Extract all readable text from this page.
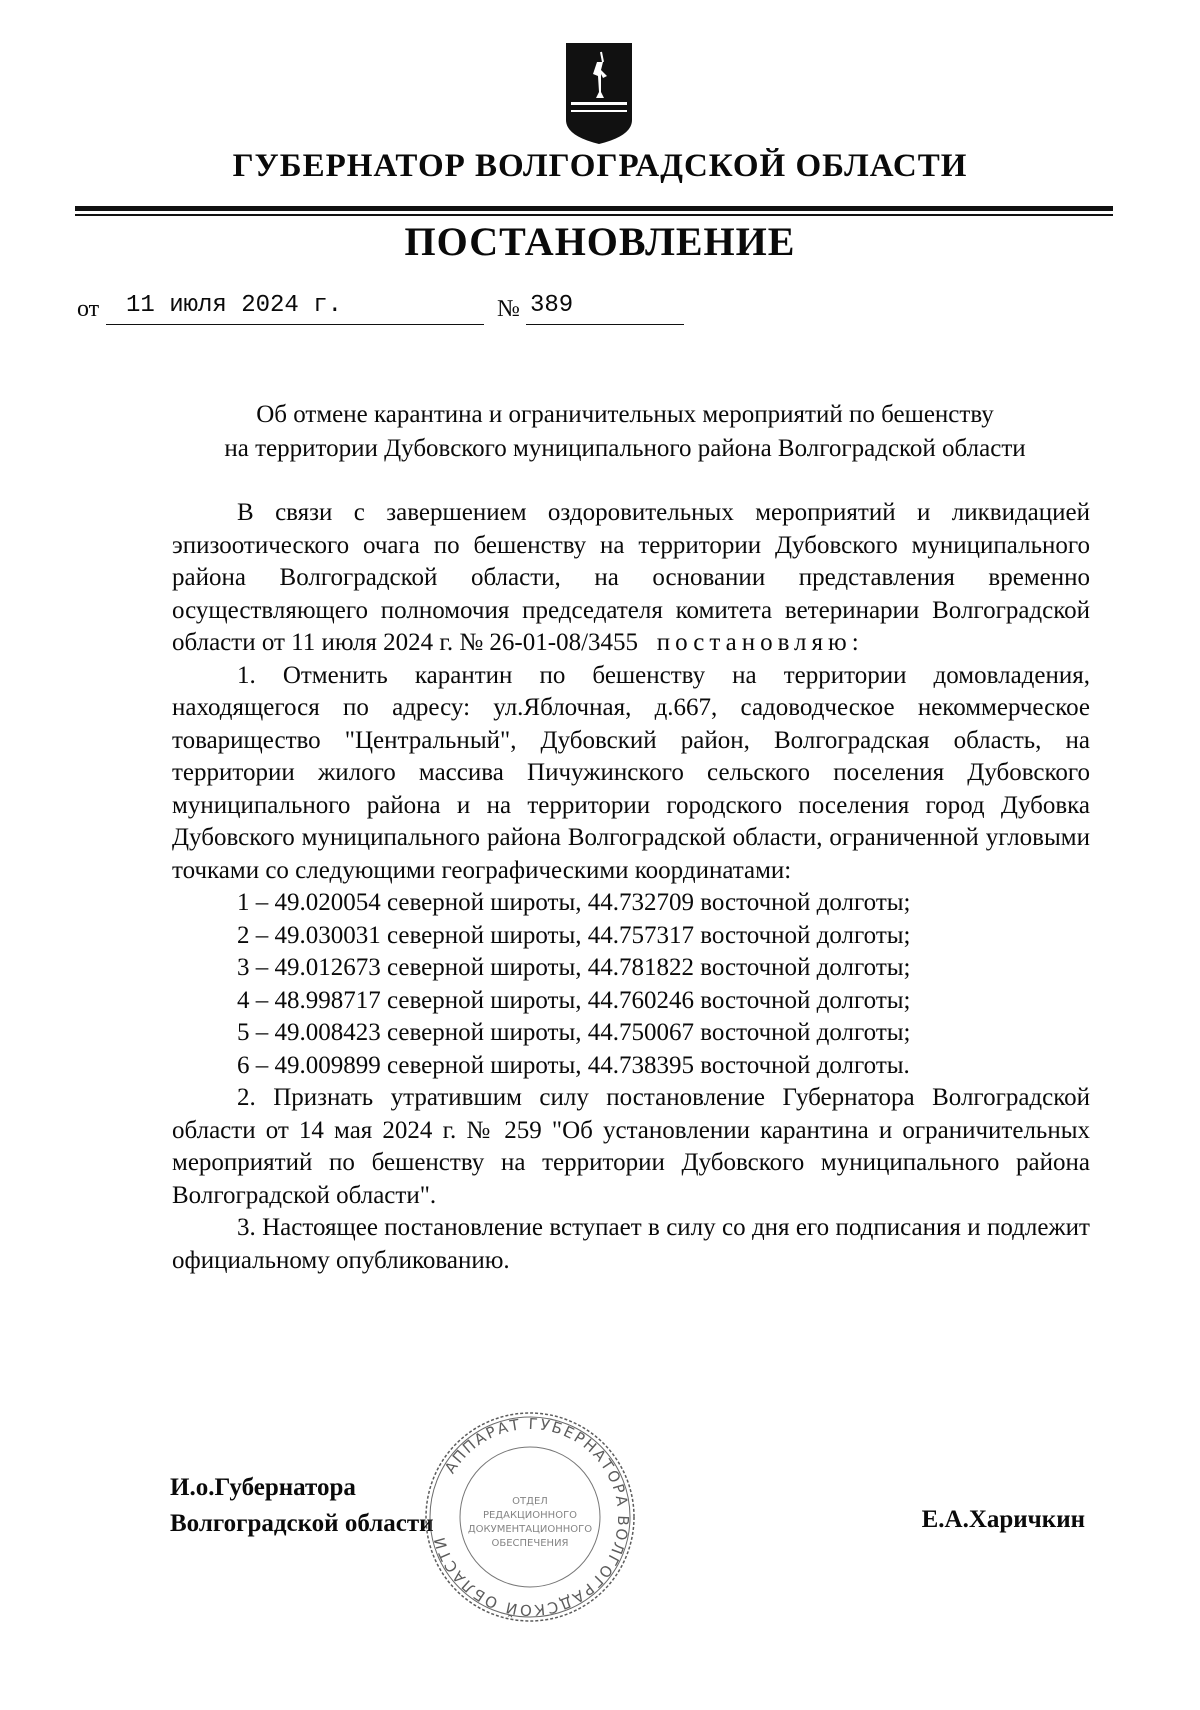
ГУБЕРНАТОР ВОЛГОГРАДСКОЙ ОБЛАСТИ
ПОСТАНОВЛЕНИЕ
от 11 июля 2024 г.	№ 389
Об отмене карантина и ограничительных мероприятий по бешенству
на территории Дубовского муниципального района Волгоградской области

В связи с завершением оздоровительных мероприятий и ликвидацией эпизоотического очага по бешенству на территории Дубовского муниципального района Волгоградской области, на основании представления временно осуществляющего полномочия председателя комитета ветеринарии Волгоградской области от 11 июля 2024 г. № 26-01-08/3455 постановляю:

1. Отменить карантин по бешенству на территории домовладения, находящегося по адресу: ул.Яблочная, д.667, садоводческое некоммерческое товарищество "Центральный", Дубовский район, Волгоградская область, на территории жилого массива Пичужинского сельского поселения Дубовского муниципального района и на территории городского поселения город Дубовка Дубовского муниципального района Волгоградской области, ограниченной угловыми точками со следующими географическими координатами:

1 – 49.020054 северной широты, 44.732709 восточной долготы;

2 – 49.030031 северной широты, 44.757317 восточной долготы;

3 – 49.012673 северной широты, 44.781822 восточной долготы;

4 – 48.998717 северной широты, 44.760246 восточной долготы;

5 – 49.008423 северной широты, 44.750067 восточной долготы;

6 – 49.009899 северной широты, 44.738395 восточной долготы.

2. Признать утратившим силу постановление Губернатора Волгоградской области от 14 мая 2024 г. № 259 "Об установлении карантина и ограничительных мероприятий по бешенству на территории Дубовского муниципального района Волгоградской области".

3. Настоящее постановление вступает в силу со дня его подписания и подлежит официальному опубликованию.

И.о.Губернатора
Волгоградской области	Е.А.Харичкин
АППАРАТ ГУБЕРНАТОРА ВОЛГОГРАДСКОЙ ОБЛАСТИ
ОТДЕЛ
РЕДАКЦИОННОГО
ДОКУМЕНТАЦИОННОГО
ОБЕСПЕЧЕНИЯ
